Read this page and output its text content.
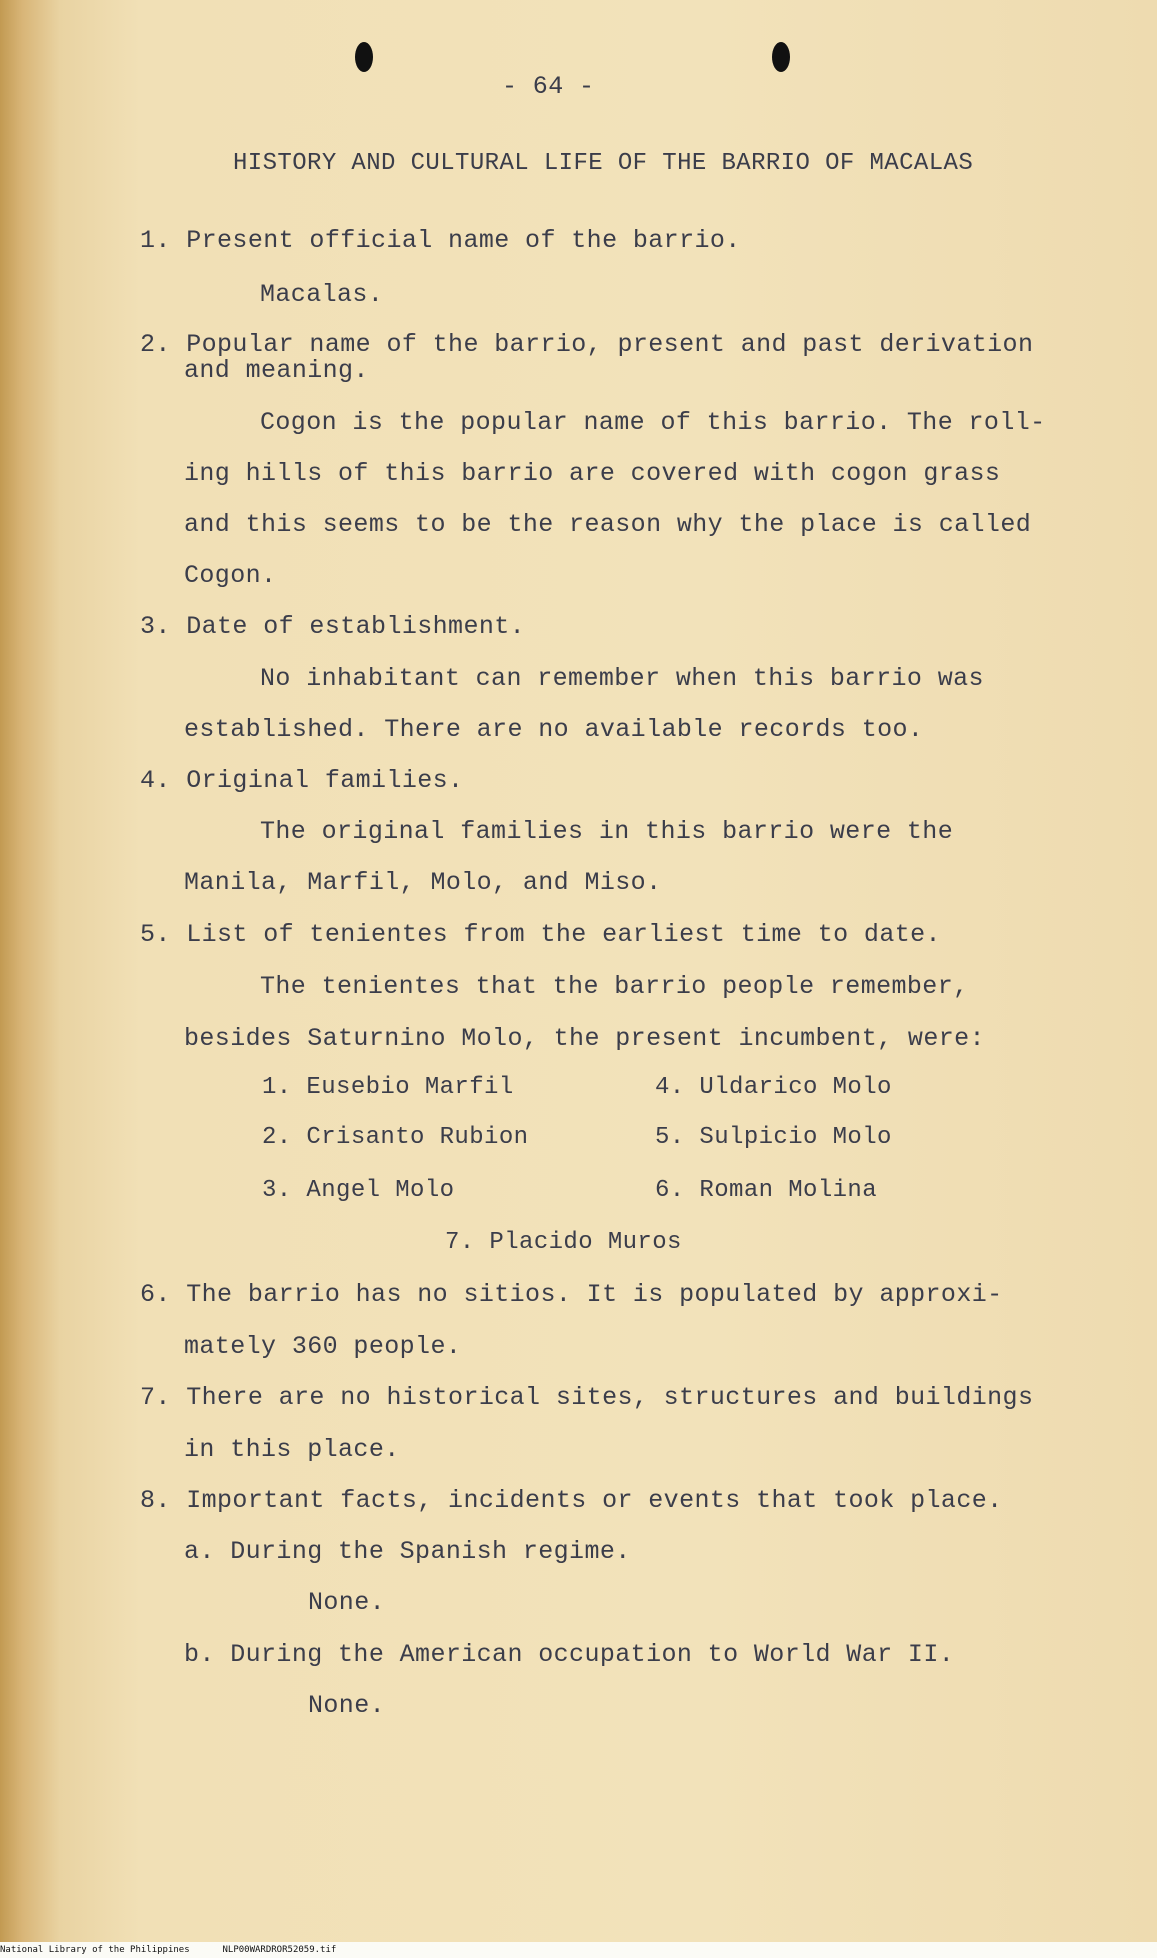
- 64 -
HISTORY AND CULTURAL LIFE OF THE BARRIO OF MACALAS
1. Present official name of the barrio.
Macalas.
2. Popular name of the barrio, present and past derivation
and meaning.
Cogon is the popular name of this barrio. The roll-
ing hills of this barrio are covered with cogon grass
and this seems to be the reason why the place is called
Cogon.
3. Date of establishment.
No inhabitant can remember when this barrio was
established. There are no available records too.
4. Original families.
The original families in this barrio were the
Manila, Marfil, Molo, and Miso.
5. List of tenientes from the earliest time to date.
The tenientes that the barrio people remember,
besides Saturnino Molo, the present incumbent, were:
1. Eusebio Marfil
2. Crisanto Rubion
3. Angel Molo
4. Uldarico Molo
5. Sulpicio Molo
6. Roman Molina
7. Placido Muros
6. The barrio has no sitios. It is populated by approxi-
mately 360 people.
7. There are no historical sites, structures and buildings
in this place.
8. Important facts, incidents or events that took place.
a. During the Spanish regime.
None.
b. During the American occupation to World War II.
None.
National Library of the Philippines	NLP00WARDROR52059.tif
